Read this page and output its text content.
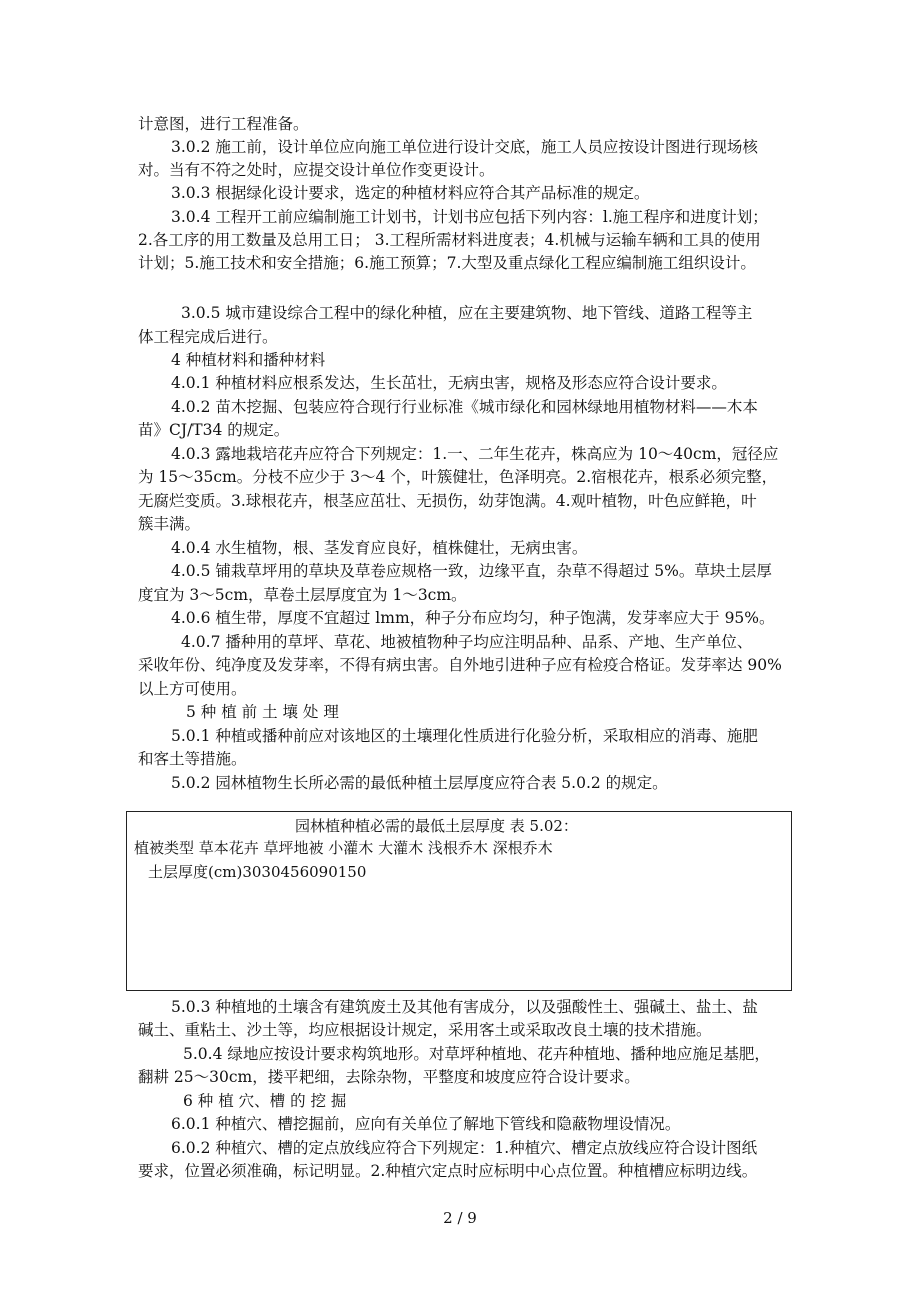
计意图，进行工程准备。
3.0.2 施工前，设计单位应向施工单位进行设计交底，施工人员应按设计图进行现场核
对。当有不符之处时，应提交设计单位作变更设计。
3.0.3 根据绿化设计要求，选定的种植材料应符合其产品标准的规定。
3.0.4 工程开工前应编制施工计划书，计划书应包括下列内容：l.施工程序和进度计划；
2.各工序的用工数量及总用工日； 3.工程所需材料进度表；4.机械与运输车辆和工具的使用
计划；5.施工技术和安全措施；6.施工预算；7.大型及重点绿化工程应编制施工组织设计。
3.0.5 城市建设综合工程中的绿化种植，应在主要建筑物、地下管线、道路工程等主
体工程完成后进行。
4 种植材料和播种材料
4.0.1 种植材料应根系发达，生长茁壮，无病虫害，规格及形态应符合设计要求。
4.0.2 苗木挖掘、包装应符合现行行业标准《城市绿化和园林绿地用植物材料——木本
苗》CJ/T34 的规定。
4.0.3 露地栽培花卉应符合下列规定：1.一、二年生花卉，株高应为 10～40cm，冠径应
为 15～35cm。分枝不应少于 3～4 个，叶簇健壮，色泽明亮。2.宿根花卉，根系必须完整，
无腐烂变质。3.球根花卉，根茎应茁壮、无损伤，幼芽饱满。4.观叶植物，叶色应鲜艳，叶
簇丰满。
4.0.4 水生植物，根、茎发育应良好，植株健壮，无病虫害。
4.0.5 铺栽草坪用的草块及草卷应规格一致，边缘平直，杂草不得超过 5%。草块土层厚
度宜为 3～5cm，草卷土层厚度宜为 1～3cm。
4.0.6 植生带，厚度不宜超过 lmm，种子分布应均匀，种子饱满，发芽率应大于 95%。
4.0.7 播种用的草坪、草花、地被植物种子均应注明品种、品系、产地、生产单位、
采收年份、纯净度及发芽率，不得有病虫害。自外地引进种子应有检疫合格证。发芽率达 90%
以上方可使用。
5 种 植 前 土 壤 处 理
5.0.1 种植或播种前应对该地区的土壤理化性质进行化验分析，采取相应的消毒、施肥
和客土等措施。
5.0.2 园林植物生长所必需的最低种植土层厚度应符合表 5.0.2 的规定。
园林植种植必需的最低土层厚度 表 5.02：
植被类型 草本花卉 草坪地被 小灌木 大灌木 浅根乔木 深根乔木
土层厚度(cm)3030456090150
5.0.3 种植地的土壤含有建筑废土及其他有害成分，以及强酸性土、强碱土、盐土、盐
碱土、重粘土、沙土等，均应根据设计规定，采用客土或采取改良土壤的技术措施。
5.0.4 绿地应按设计要求构筑地形。对草坪种植地、花卉种植地、播种地应施足基肥，
翻耕 25～30cm，搂平耙细，去除杂物，平整度和坡度应符合设计要求。
6 种 植 穴、槽 的 挖 掘
6.0.1 种植穴、槽挖掘前，应向有关单位了解地下管线和隐蔽物埋设情况。
6.0.2 种植穴、槽的定点放线应符合下列规定：1.种植穴、槽定点放线应符合设计图纸
要求，位置必须准确，标记明显。2.种植穴定点时应标明中心点位置。种植槽应标明边线。
2 / 9
